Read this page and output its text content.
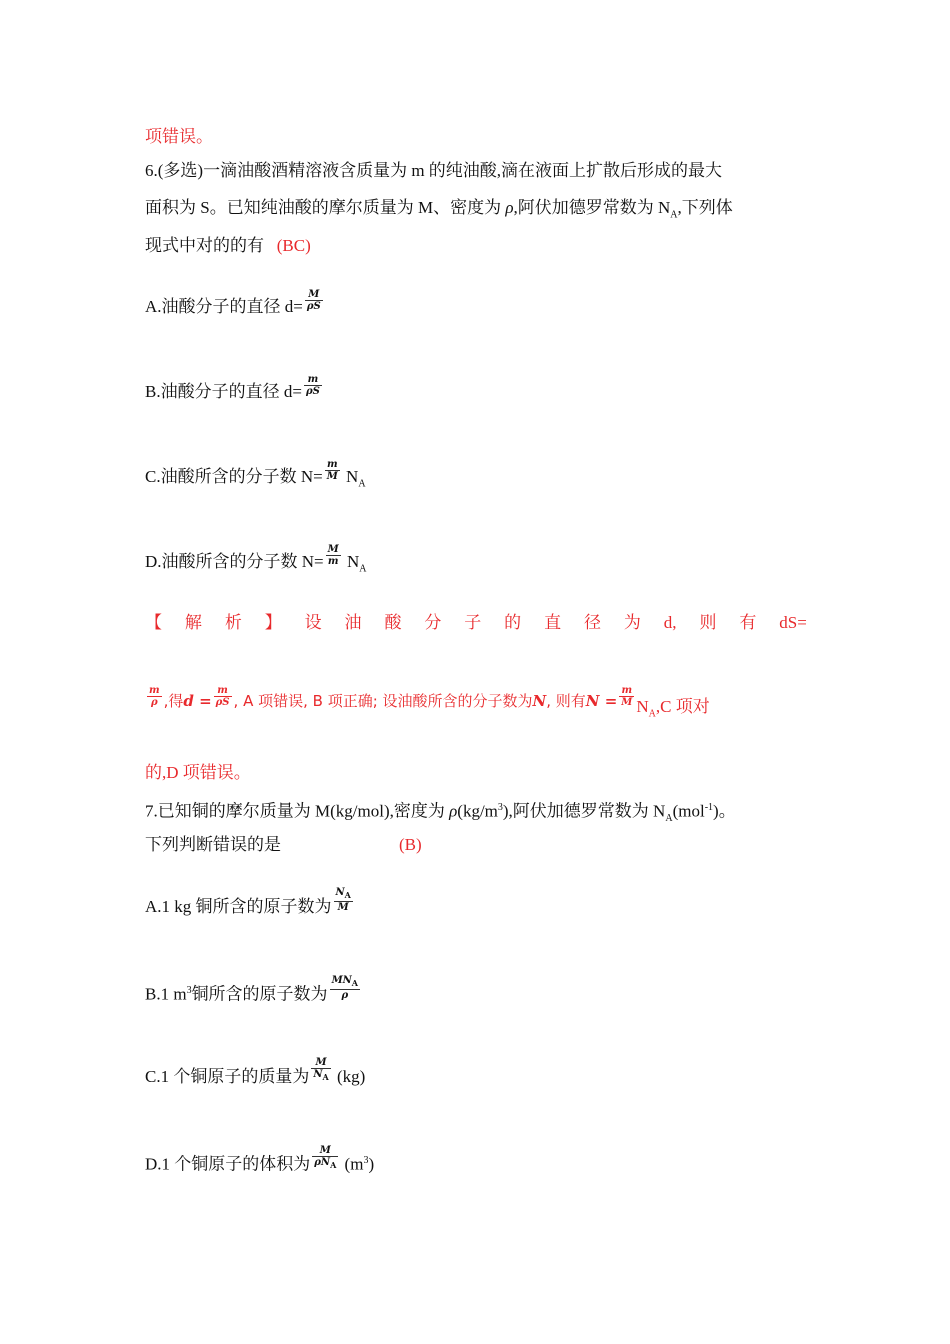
项错误。
6.(多选)一滴油酸酒精溶液含质量为 m 的纯油酸,滴在液面上扩散后形成的最大
面积为 S。已知纯油酸的摩尔质量为 M、密度为 ρ,阿伏加德罗常数为 $N_A$,下列体
现式中对的的有 (BC)
A.油酸分子的直径 $d= \frac{M}{\rho S}$
B.油酸分子的直径 $d= \frac{m}{\rho S}$
C.油酸所含的分子数 $N= \frac{m}{M} N_A$
D.油酸所含的分子数 $N= \frac{M}{m} N_A$
【 解 析 】 设 油 酸 分 子 的 直 径 为 d, 则 有 dS=
$\frac{m}{\rho}$ ,得$d = \frac{m}{\rho S}$ , A 项错误, B 项正确; 设油酸所含的分子数为N, 则有$N = \frac{m}{M} N_A,C$ 项对
的,D 项错误。
7.已知铜的摩尔质量为 M(kg/mol),密度为 $\rho(kg/m^3)$,阿伏加德罗常数为 $N_A(mol^{-1})$。
下列判断错误的是	(B)
A.1 kg 铜所含的原子数为 $\frac{N_A}{M}$
B.1 $m^3$铜所含的原子数为 $\frac{MN_A}{\rho}$
C.1 个铜原子的质量为 $\frac{M}{N_A} (kg)$
D.1 个铜原子的体积为 $\frac{M}{\rho N_A} (m^3)$
